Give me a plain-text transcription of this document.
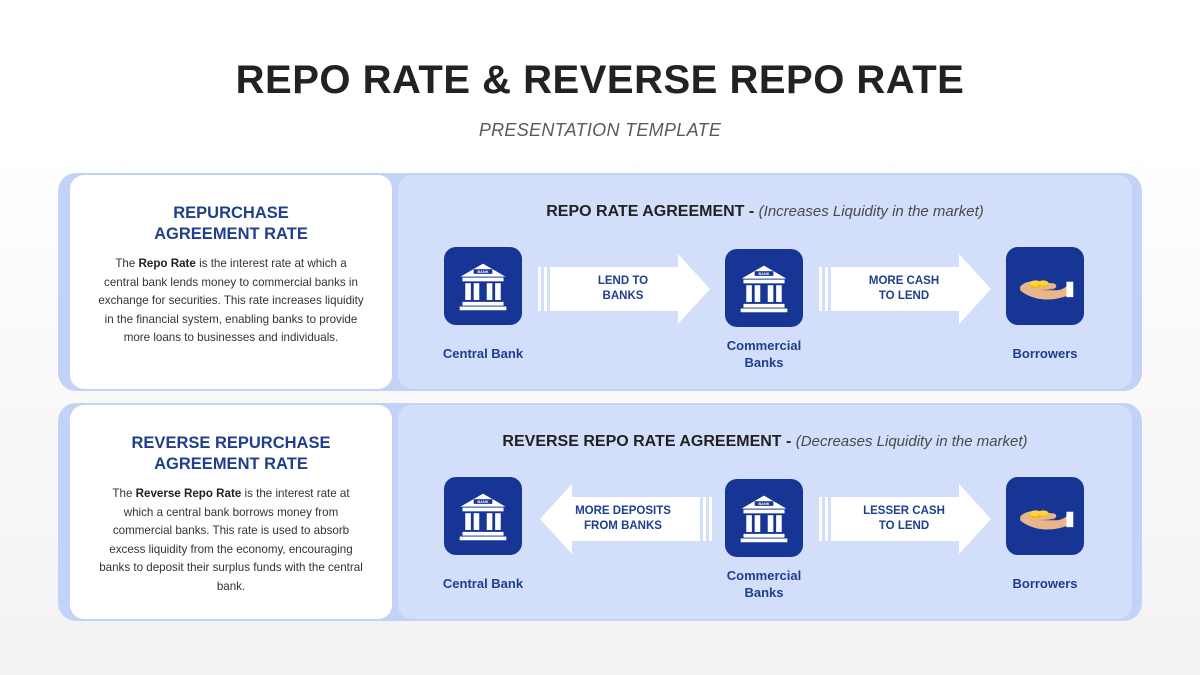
REPO RATE & REVERSE REPO RATE
PRESENTATION TEMPLATE
REPURCHASE
AGREEMENT RATE
The Repo Rate is the interest rate at which a central bank lends money to commercial banks in exchange for securities. This rate increases liquidity in the financial system, enabling banks to provide more loans to businesses and individuals.
REPO RATE AGREEMENT - (Increases Liquidity in the market)
Central Bank
LEND TO
BANKS
Commercial
Banks
MORE CASH
TO LEND
Borrowers
REVERSE REPURCHASE
AGREEMENT RATE
The Reverse Repo Rate is the interest rate at which a central bank borrows money from commercial banks. This rate is used to absorb excess liquidity from the economy, encouraging banks to deposit their surplus funds with the central bank.
REVERSE REPO RATE AGREEMENT - (Decreases Liquidity in the market)
Central Bank
MORE DEPOSITS
FROM BANKS
Commercial
Banks
LESSER CASH
TO LEND
Borrowers
